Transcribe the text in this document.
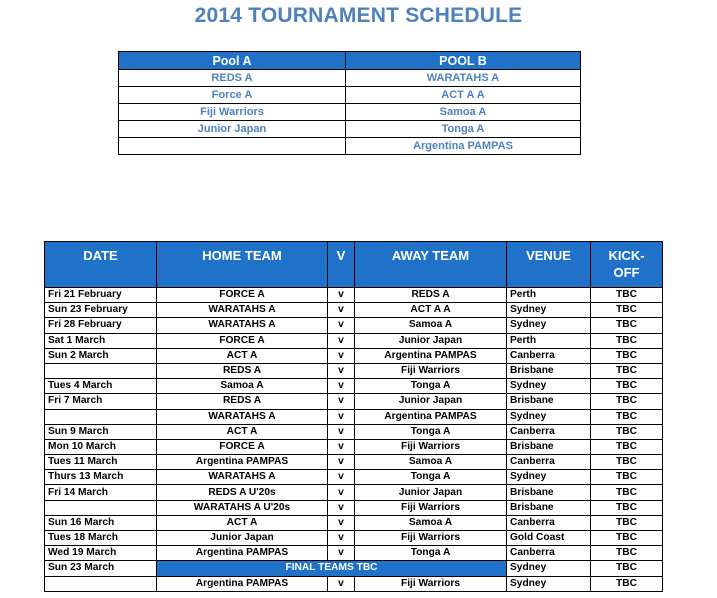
2014 TOURNAMENT SCHEDULE
Pool A	POOL B
REDS A	WARATAHS A
Force A	ACT A A
Fiji Warriors	Samoa A
Junior Japan	Tonga A
	Argentina PAMPAS
DATE	HOME TEAM	V	AWAY TEAM	VENUE	KICK-OFF
Fri 21 February	FORCE A	v	REDS A	Perth	TBC
Sun 23 February	WARATAHS A	v	ACT A A	Sydney	TBC
Fri 28 February	WARATAHS A	v	Samoa A	Sydney	TBC
Sat 1 March	FORCE A	v	Junior Japan	Perth	TBC
Sun 2 March	ACT A	v	Argentina PAMPAS	Canberra	TBC
	REDS A	v	Fiji Warriors	Brisbane	TBC
Tues 4 March	Samoa A	v	Tonga A	Sydney	TBC
Fri 7 March	REDS A	v	Junior Japan	Brisbane	TBC
	WARATAHS A	v	Argentina PAMPAS	Sydney	TBC
Sun 9 March	ACT A	v	Tonga A	Canberra	TBC
Mon 10 March	FORCE A	v	Fiji Warriors	Brisbane	TBC
Tues 11 March	Argentina PAMPAS	v	Samoa A	Canberra	TBC
Thurs 13 March	WARATAHS A	v	Tonga A	Sydney	TBC
Fri 14 March	REDS A U'20s	v	Junior Japan	Brisbane	TBC
	WARATAHS A U'20s	v	Fiji Warriors	Brisbane	TBC
Sun 16 March	ACT A	v	Samoa A	Canberra	TBC
Tues 18 March	Junior Japan	v	Fiji Warriors	Gold Coast	TBC
Wed 19 March	Argentina PAMPAS	v	Tonga A	Canberra	TBC
Sun 23 March	FINAL TEAMS TBC			Sydney	TBC
	Argentina PAMPAS	v	Fiji Warriors	Sydney	TBC
